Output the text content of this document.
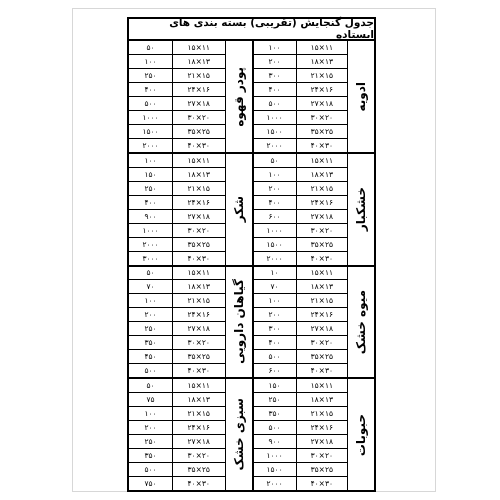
جدول گنجایش (تقریبی) بسته بندی های ایستاده
ادویه
۱۱×۱۵
۱۰۰
۱۳×۱۸
۲۰۰
۱۵×۲۱
۳۰۰
۱۶×۲۴
۴۰۰
۱۸×۲۷
۵۰۰
۲۰×۳۰
۱۰۰۰
۲۵×۳۵
۱۵۰۰
۳۰×۴۰
۲۰۰۰
خشکبار
۱۱×۱۵
۵۰
۱۳×۱۸
۱۰۰
۱۵×۲۱
۲۰۰
۱۶×۲۴
۴۰۰
۱۸×۲۷
۶۰۰
۲۰×۳۰
۱۰۰۰
۲۵×۳۵
۱۵۰۰
۳۰×۴۰
۲۰۰۰
میوه خشک
۱۱×۱۵
۱۰
۱۳×۱۸
۷۰
۱۵×۲۱
۱۰۰
۱۶×۲۴
۲۰۰
۱۸×۲۷
۳۰۰
۲۰×۳۰
۴۰۰
۲۵×۳۵
۵۰۰
۳۰×۴۰
۶۰۰
حبوبات
۱۱×۱۵
۱۵۰
۱۳×۱۸
۲۵۰
۱۵×۲۱
۳۵۰
۱۶×۲۴
۵۰۰
۱۸×۲۷
۹۰۰
۲۰×۳۰
۱۰۰۰
۲۵×۳۵
۱۵۰۰
۳۰×۴۰
۲۰۰۰
پودر قهوه
۱۱×۱۵
۵۰
۱۳×۱۸
۱۰۰
۱۵×۲۱
۲۵۰
۱۶×۲۴
۴۰۰
۱۸×۲۷
۵۰۰
۲۰×۳۰
۱۰۰۰
۲۵×۳۵
۱۵۰۰
۳۰×۴۰
۲۰۰۰
شکر
۱۱×۱۵
۱۰۰
۱۳×۱۸
۱۵۰
۱۵×۲۱
۲۵۰
۱۶×۲۴
۴۰۰
۱۸×۲۷
۹۰۰
۲۰×۳۰
۱۰۰۰
۲۵×۳۵
۲۰۰۰
۳۰×۴۰
۳۰۰۰
گیاهان دارویی
۱۱×۱۵
۵۰
۱۳×۱۸
۷۰
۱۵×۲۱
۱۰۰
۱۶×۲۴
۲۰۰
۱۸×۲۷
۲۵۰
۲۰×۳۰
۳۵۰
۲۵×۳۵
۴۵۰
۳۰×۴۰
۵۰۰
سبزی خشک
۱۱×۱۵
۵۰
۱۳×۱۸
۷۵
۱۵×۲۱
۱۰۰
۱۶×۲۴
۲۰۰
۱۸×۲۷
۲۵۰
۲۰×۳۰
۳۵۰
۲۵×۳۵
۵۰۰
۳۰×۴۰
۷۵۰
